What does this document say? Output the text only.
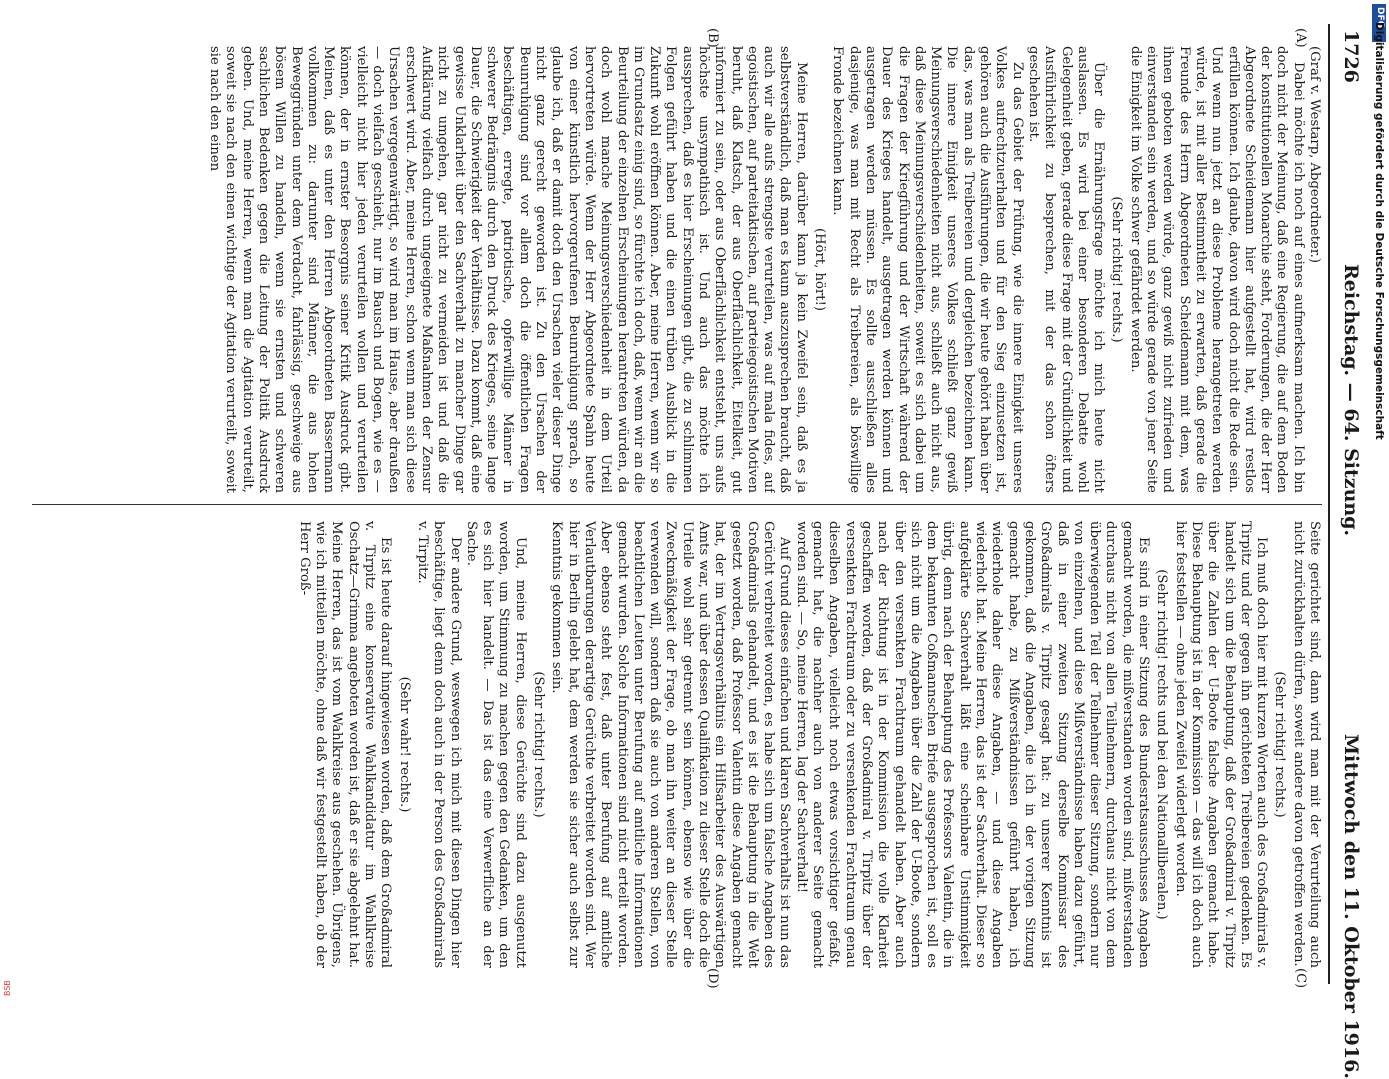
DFG
Digitalisierung gefördert durch die Deutsche Forschungsgemeinschaft
BSB
1726
Reichstag. — 64. Sitzung.
Mittwoch den 11. Oktober 1916.
(A)
(B)
(C)
(D)

(Graf v. Westarp, Abgeordneter.)

Dabei möchte ich noch auf eines aufmerksam machen. Ich bin doch nicht der Meinung, daß eine Regierung, die auf dem Boden der konstitutionellen Monarchie steht, Forderungen, die der Herr Abgeordnete Scheidemann hier aufgestellt hat, wird restlos erfüllen können. Ich glaube, davon wird doch nicht die Rede sein. Und wenn nun jetzt an diese Probleme herangetreten werden würde, ist mit aller Bestimmtheit zu erwarten, daß gerade die Freunde des Herrn Abgeordneten Scheidemann mit dem, was ihnen geboten werden würde, ganz gewiß nicht zufrieden und einverstanden sein werden, und so würde gerade von jener Seite die Einigkeit im Volke schwer gefährdet werden.

(Sehr richtig! rechts.)

Über die Ernährungsfrage möchte ich mich heute nicht auslassen. Es wird bei einer besonderen Debatte wohl Gelegenheit geben, gerade diese Frage mit der Gründlichkeit und Ausführlichkeit zu besprechen, mit der das schon öfters geschehen ist.

Zu das Gebiet der Prüfung, wie die innere Einigkeit unseres Volkes aufrechtzuerhalten und für den Sieg einzusetzen ist, gehören auch die Ausführungen, die wir heute gehört haben über das, was man als Treibereien und dergleichen bezeichnen kann. Die innere Einigkeit unseres Volkes schließt ganz gewiß Meinungsverschiedenheiten nicht aus, schließt auch nicht aus, daß diese Meinungsverschiedenheiten, soweit es sich dabei um die Fragen der Kriegführung und der Wirtschaft während der Dauer des Krieges handelt, ausgetragen werden können und ausgetragen werden müssen. Es sollte ausschließen alles dasjenige, was man mit Recht als Treibereien, als böswillige Fronde bezeichnen kann.

(Hört, hört!)

Meine Herren, darüber kann ja kein Zweifel sein, daß es ja selbstverständlich, daß man es kaum auszusprechen braucht, daß auch wir alle aufs strengste verurteilen, was auf mala fides, auf egoistischen, auf parteitaktischen, auf parteiegoistischen Motiven beruht, daß Klatsch, der aus Oberflächlichkeit, Eitelkeit, gut informiert zu sein, oder aus Oberflächlichkeit entsteht, uns aufs höchste unsympathisch ist. Und auch das möchte ich aussprechen, daß es hier Erscheinungen gibt, die zu schlimmen Folgen geführt haben und die einen trüben Ausblick in die Zukunft wohl eröffnen können. Aber, meine Herren, wenn wir so im Grundsatz einig sind, so fürchte ich doch, daß, wenn wir an die Beurteilung der einzelnen Erscheinungen herantreten würden, da doch wohl manche Meinungsverschiedenheit in dem Urteil hervortreten würde. Wenn der Herr Abgeordnete Spahn heute von einer künstlich hervorgerufenen Beunruhigung sprach, so glaube ich, daß er damit doch den Ursachen vieler dieser Dinge nicht ganz gerecht geworden ist. Zu den Ursachen der Beunruhigung sind vor allem doch die öffentlichen Fragen beschäftigen, erregte, patriotische, opferwillige Männer in schwerer Bedrängnis durch den Druck des Krieges, seine lange Dauer, die Schwierigkeit der Verhältnisse. Dazu kommt, daß eine gewisse Unklarheit über den Sachverhalt zu mancher Dinge gar nicht zu umgehen, gar nicht zu vermeiden ist und daß die Aufklärung vielfach durch ungeeignete Maßnahmen der Zensur erschwert wird. Aber, meine Herren, schon wenn man sich diese Ursachen vergegenwärtigt, so wird man im Hause, aber draußen — doch vielfach geschieht, nur im Bausch und Bogen, wie es — vielleicht nicht hier jeden verurteilen wollen und verurteilen können, der in ernster Besorgnis seiner Kritik Ausdruck gibt. Meinen, daß es unter den Herren Abgeordneten Bassermann vollkommen zu: darunter sind Männer, die aus hohen Beweggründen unter dem Verdacht, fahrlässig, geschweige aus bösem Willen zu handeln, wenn sie ernsten und schweren sachlichen Bedenken gegen die Leitung der Politik Ausdruck geben. Und, meine Herren, wenn man die Agitation verurteilt, soweit sie nach den einen wichtige der Agitation verurteilt, soweit sie nach den einen

Seite gerichtet sind, dann wird man mit der Verurteilung auch nicht zurückhalten dürfen, soweit andere davon getroffen werden.

(Sehr richtig! rechts.)

Ich muß doch hier mit kurzen Worten auch des Großadmirals v. Tirpitz und der gegen ihn gerichteten Treibereien gedenken. Es handelt sich um die Behauptung, daß der Großadmiral v. Tirpitz über die Zahlen der U-Boote falsche Angaben gemacht habe. Diese Behauptung ist in der Kommission — das will ich doch auch hier feststellen — ohne jeden Zweifel widerlegt worden.

(Sehr richtig! rechts und bei den Nationalliberalen.)

Es sind in einer Sitzung des Bundesratsausschusses Angaben gemacht worden, die mißverstanden worden sind, mißverstanden durchaus nicht von allen Teilnehmern, durchaus nicht von dem überwiegenden Teil der Teilnehmer dieser Sitzung, sondern nur von einzelnen, und diese Mißverständnisse haben dazu geführt, daß in einer zweiten Sitzung derselbe Kommissar des Großadmirals v. Tirpitz gesagt hat: zu unserer Kenntnis ist gekommen, daß die Angaben, die ich in der vorigen Sitzung gemacht habe, zu Mißverständnissen geführt haben, ich wiederhole daher diese Angaben, — und diese Angaben wiederholt hat. Meine Herren, das ist der Sachverhalt. Dieser so aufgeklärte Sachverhalt läßt eine scheinbare Unstimmigkeit übrig, denn nach der Behauptung des Professors Valentin, die in dem bekannten Coßmannschen Briefe ausgesprochen ist, soll es sich nicht um die Angaben über die Zahl der U-Boote, sondern über den versenkten Frachtraum gehandelt haben. Aber auch nach der Richtung ist in der Kommission die volle Klarheit geschaffen worden, daß der Großadmiral v. Tirpitz über der versenkten Frachtraum oder zu versenkenden Frachtraum genau dieselben Angaben, vielleicht noch etwas vorsichtiger gefaßt, gemacht hat, die nachher auch von anderer Seite gemacht worden sind. — So, meine Herren, lag der Sachverhalt!

Auf Grund dieses einfachen und klaren Sachverhalts ist nun das Gerücht verbreitet worden, es habe sich um falsche Angaben des Großadmirals gehandelt, und es ist die Behauptung in die Welt gesetzt worden, daß Professor Valentin diese Angaben gemacht hat, der im Vertragsverhältnis ein Hilfsarbeiter des Auswärtigen Amts war, und über dessen Qualifikation zu dieser Stelle doch die Urteile wohl sehr getrennt sein können, ebenso wie über die Zweckmäßigkeit der Frage, ob man ihn weiter an dieser Stelle verwenden will, sondern daß sie auch von anderen Stellen, von beachtlichen Leuten unter Berufung auf amtliche Informationen gemacht wurden. Solche Informationen sind nicht erteilt worden. Aber ebenso steht fest, daß unter Berufung auf amtliche Verlautbarungen derartige Gerüchte verbreitet worden sind. Wer hier in Berlin gelebt hat, dem werden sie sicher auch selbst zur Kenntnis gekommen sein.

(Sehr richtig! rechts.)

Und, meine Herren, diese Gerüchte sind dazu ausgenutzt worden, um Stimmung zu machen gegen den Gedanken, um den es sich hier handelt. — Das ist das eine Verwerfliche an der Sache.

Der andere Grund, weswegen ich mich mit diesen Dingen hier beschäftige, liegt denn doch auch in der Person des Großadmirals v. Tirpitz.

(Sehr wahr! rechts.)

Es ist heute darauf hingewiesen worden, daß dem Großadmiral v. Tirpitz eine konservative Wahlkandidatur im Wahlkreise Oschatz—Grimma angeboten worden ist, daß er sie abgelehnt hat. Meine Herren, das ist vom Wahlkreise aus geschehen. Übrigens, wie ich mitteilen möchte, ohne daß wir festgestellt haben, ob der Herr Groß-
